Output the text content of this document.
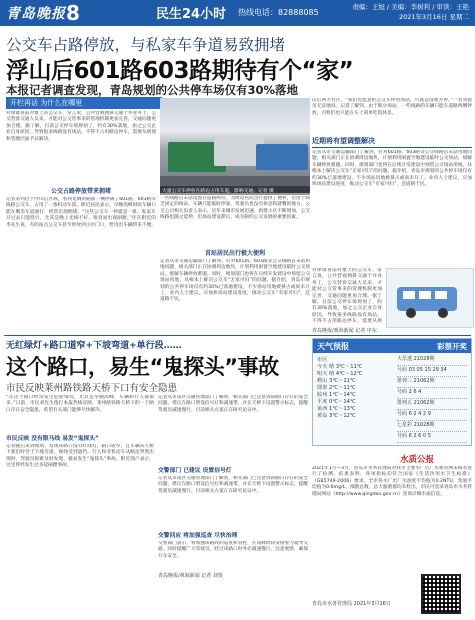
青岛晚报 8	民生24小时 热线电话：82888085
责编：王旭 / 美编：李树利 / 审读：王艳
2021年3月16日 星期二
公交车占路停放，与私家车争道易致拥堵
浮山后601路603路期待有个“家”
本报记者调查发现，青岛规划的公共停车场仅有30%落地
开栏再话 为什么在哪里
对律谁喜前对象上的公交车，常言说，公共营观拥挤交通于并业务上，公交营客交通人员来，才能对公交管事来的管理机制更加完善，交通问题更加合理。据了解，目前公交停车场规划了，约有30%落地，加之公交企业自身原因，导致很多线路没有场站，不得不占用路边停车，需要从规划和管理层面予以解决。
大量公交车停放在路边占用车道，影响交通。记者 摄
公交占路停放带来拥堵
记者来到位于浮山后区域，看到宽阔的路面一侧停满了601路、603路等线路公交车，占用了一条机动车道。附近居民表示，早晚高峰时段车辆只能在剩余车道通行，经常出现拥堵。“这些公交车一停就是一排，私家车开过去只能绕行，尤其是晚上光线不好，很容易出现剐蹭。”住在附近的李先生说。有的站点公交车甚至停放到小区门口，给进出车辆带来不便。
一些线路首末站设置在道路两旁，为周边居民出行提供了便利，但由于缺乏固定的场站，车辆只能临时停靠，驾驶员也没有休息和就餐的地方。公交公司相关负责人表示，近年来城市发展迅速，新建小区不断增加，公交线路也随之延伸，但场站建设滞后，成为制约公交发展的重要因素。
首站居民出行极大便利
记者从市交通运输部门了解到，针对601路、603路等公交线路首末站用地问题，相关部门正在协调周边地块，计划利用闲置空地建设临时公交场站，缓解车辆停放难题。同时，规划部门也将在后续开发建设中预留公交场站用地，从根本上解决公交车“无家可归”的问题。据介绍，青岛市规划的公共停车场仅有约30%已落地建设，不少场站用地被挤占或尚未开工。业内人士建议，应加快场站建设进度，推动公交车“有家可归”，还道路于民。
山后两大社区，“我们也愿意把公交车停进场站，可就是没地方停。”一名驾驶员无奈地说。记者了解到，由于缺少场站，一些线路的车辆只能在道路两侧停放，司机们也只能在车上简单吃饭休息。
近期将有望调整解决
记者从市交通运输部门了解到，针对601路、603路等公交线路首末站用地问题，相关部门正在协调周边地块，计划利用闲置空地建设临时公交场站，缓解车辆停放难题。同时，规划部门也将在后续开发建设中预留公交场站用地，从根本上解决公交车“无家可归”的问题。据介绍，青岛市规划的公共停车场仅有约30%已落地建设，不少场站用地被挤占或尚未开工。业内人士建议，应加快场站建设进度，推动公交车“有家可归”，还道路于民。
对律谁喜前对象上的公交车，常言说，公共营观拥挤交通于并业务上，公交营客交通人员来，才能对公交管事来的管理机制更加完善，交通问题更加合理。据了解，目前公交停车场规划了，约有30%落地，加之公交企业自身原因，导致很多线路没有场站，不得不占用路边停车，需要从规
青岛晚报/观海新闻 记者 申东
无红绿灯+路口道窄+下坡弯道+单行段……
这个路口，易生“鬼探头”事故
市民反映莱州路铁路天桥下口有安全隐患
“在这个路口经常发生危险情况，尤其是早晚高峰，车辆和行人都很多。”日前，市民刘先生拨打本报热线反映，莱州路铁路天桥下的一个路口存在安全隐患，希望有关部门能够尽快解决。
市民反映 没有限马线 易发“鬼探头”
记者随后来到现场，发现该路口没有红绿灯，路口较窄，且车辆从天桥下驶出时处于下坡弯道，视线受到遮挡。行人和非机动车从路边突然出现时，驾驶员很难及时发现，极易发生“鬼探头”事故。附近商户表示，这里曾经发生过多起剐蹭事故。
记者从市南区交通管理部门了解到，相关部门已注意到该路口存在的安全问题，建议在路口增设信号灯和减速带，并在天桥下设置警示标志，提醒驾驶员减速慢行。目前相关方案正在研究论证中。
交警部门 已建议 设置信号灯
记者从市南区交通管理部门了解到，相关部门已注意到该路口存在的安全问题，建议在路口增设信号灯和减速带，并在天桥下设置警示标志，提醒驾驶员减速慢行。目前相关方案正在研究论证中。
交警回应 将加强巡查 尽快治理
交警部门表示，将加强该路段的巡查和管控，在高峰时段安排警力疏导交通。同时提醒广大驾驶员，经过该路口时务必减速慢行，注意观察，确保行车安全。
青岛晚报/观海新闻 记者 刘斐
天气预报	彩票开奖
市区
今天 晴 3℃～11℃
明天 晴 4℃～12℃
崂山 3℃～11℃
即墨 2℃～11℃
胶州 1℃～14℃
平度 0℃～14℃
莱西 1℃～13℃
黄岛 3℃～12℃
大乐透 21028期
号码 03 05 15 29 34
排列三 21062期
号码 2 6 4
排列五 21062期
号码 6 2 4 2 9
七星彩 21028期
号码 6 2 6 0 5
水质公报
2021年1月—3月，青岛市水务管理局对我市主要水厂出厂水和管网末梢水进行了检测，结果表明，各项指标均符合国家《生活饮用水卫生标准》（GB5749-2006）要求。全市各水厂出厂水浊度平均值为0.2NTU，余氯平均值为0.6mg/L，细菌总数、总大肠菌群均未检出。市民可登录青岛市水务管理局网站（http://www.qingdao.gov.cn）查询详细水质信息。
青岛市水务管理局 2021年3月16日
